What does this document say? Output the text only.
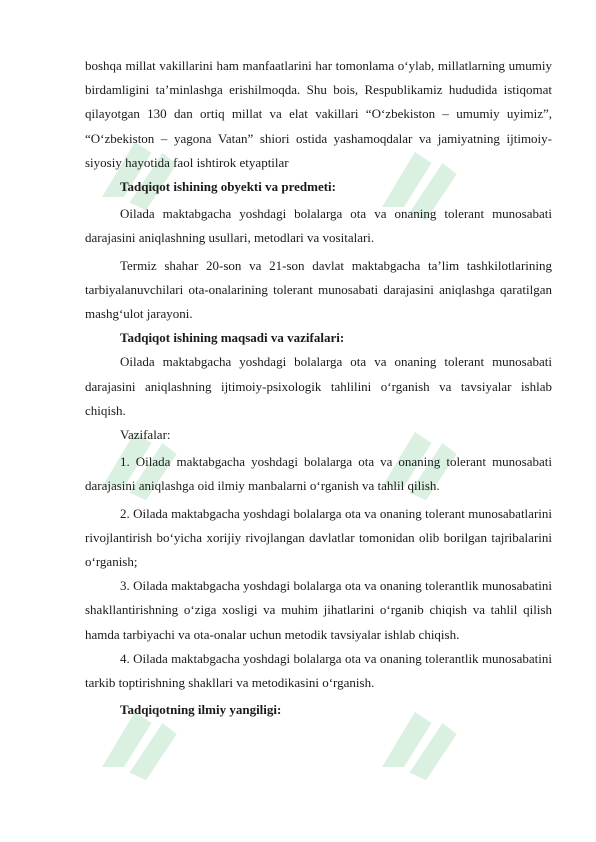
boshqa millat vakillarini ham manfaatlarini har tomonlama o‘ylab, millatlarning umumiy birdamligini ta’minlashga erishilmoqda. Shu bois, Respublikamiz hududida istiqomat qilayotgan 130 dan ortiq millat va elat vakillari “O‘zbekiston – umumiy uyimiz”, “O‘zbekiston – yagona Vatan” shiori ostida yashamoqdalar va jamiyatning ijtimoiy-siyosiy hayotida faol ishtirok etyaptilar

Tadqiqot ishining obyekti va predmeti:

Oilada maktabgacha yoshdagi bolalarga ota va onaning tolerant munosabati darajasini aniqlashning usullari, metodlari va vositalari.

Termiz shahar 20-son va 21-son davlat maktabgacha ta’lim tashkilotlarining tarbiyalanuvchilari ota-onalarining tolerant munosabati darajasini aniqlashga qaratilgan mashg‘ulot jarayoni.

Tadqiqot ishining maqsadi va vazifalari:

Oilada maktabgacha yoshdagi bolalarga ota va onaning tolerant munosabati darajasini aniqlashning ijtimoiy-psixologik tahlilini o‘rganish va tavsiyalar ishlab chiqish.

Vazifalar:

1. Oilada maktabgacha yoshdagi bolalarga ota va onaning tolerant munosabati darajasini aniqlashga oid ilmiy manbalarni o‘rganish va tahlil qilish.

2. Oilada maktabgacha yoshdagi bolalarga ota va onaning tolerant munosabatlarini rivojlantirish bo‘yicha xorijiy rivojlangan davlatlar tomonidan olib borilgan tajribalarini o‘rganish;

3. Oilada maktabgacha yoshdagi bolalarga ota va onaning tolerantlik munosabatini shakllantirishning o‘ziga xosligi va muhim jihatlarini o‘rganib chiqish va tahlil qilish hamda tarbiyachi va ota-onalar uchun metodik tavsiyalar ishlab chiqish.

4. Oilada maktabgacha yoshdagi bolalarga ota va onaning tolerantlik munosabatini tarkib toptirishning shakllari va metodikasini o‘rganish.

Tadqiqotning ilmiy yangiligi:
